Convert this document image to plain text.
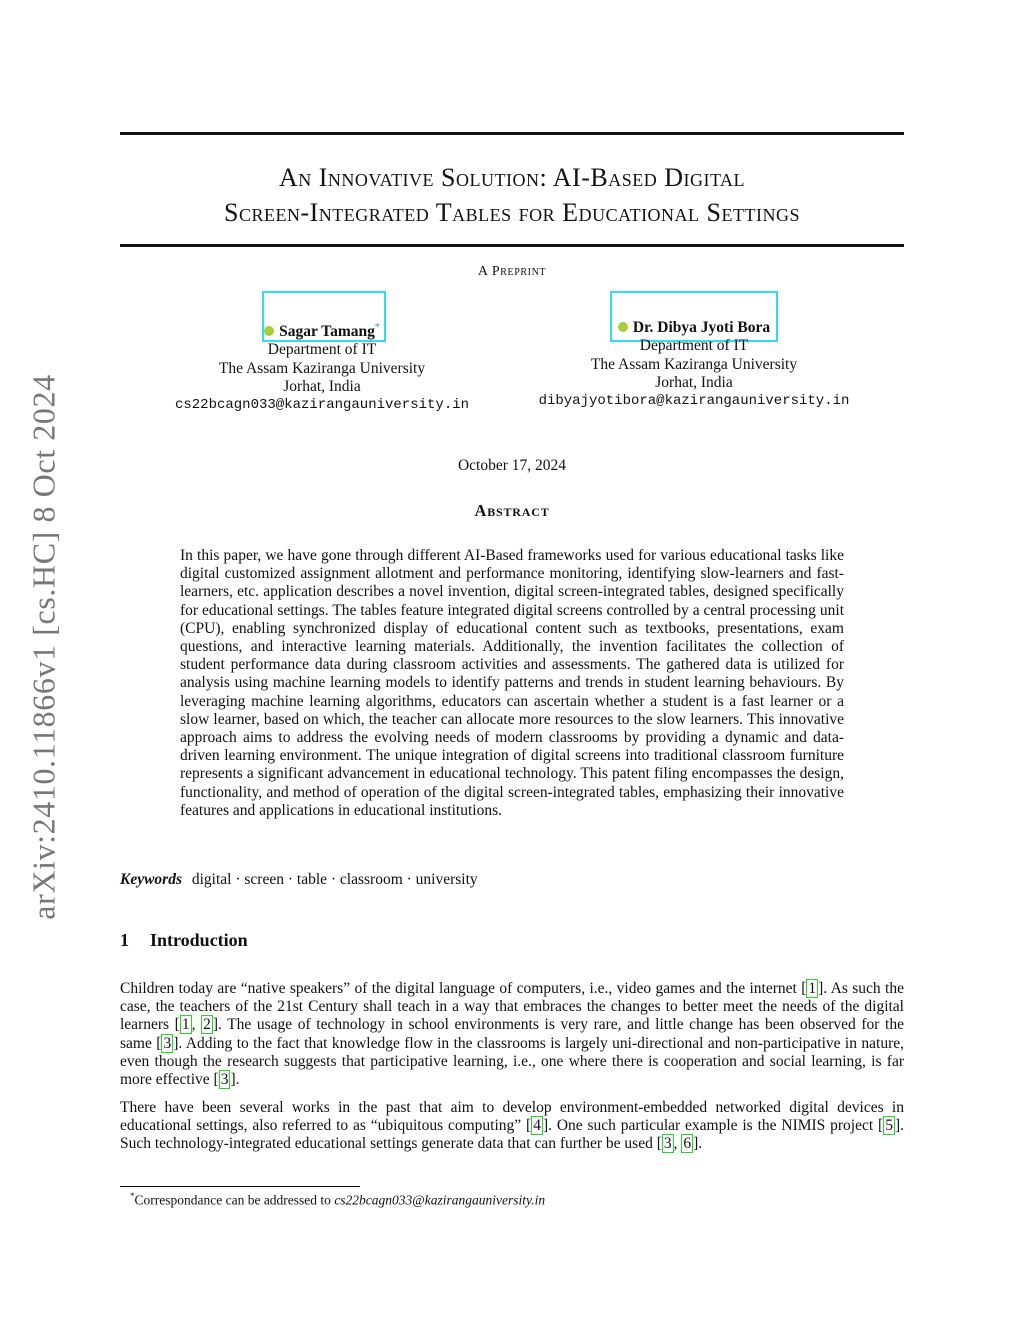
arXiv:2410.11866v1 [cs.HC] 8 Oct 2024
An Innovative Solution: AI-Based Digital
Screen-Integrated Tables for Educational Settings
A Preprint
Sagar Tamang*
Department of IT
The Assam Kaziranga University
Jorhat, India
cs22bcagn033@kazirangauniversity.in
Dr. Dibya Jyoti Bora
Department of IT
The Assam Kaziranga University
Jorhat, India
dibyajyotibora@kazirangauniversity.in
October 17, 2024
Abstract
In this paper, we have gone through different AI-Based frameworks used for various educational tasks like digital customized assignment allotment and performance monitoring, identifying slow-learners and fast-learners, etc. application describes a novel invention, digital screen-integrated tables, designed specifically for educational settings. The tables feature integrated digital screens controlled by a central processing unit (CPU), enabling synchronized display of educational content such as textbooks, presentations, exam questions, and interactive learning materials. Additionally, the invention facilitates the collection of student performance data during classroom activities and assessments. The gathered data is utilized for analysis using machine learning models to identify patterns and trends in student learning behaviours. By leveraging machine learning algorithms, educators can ascertain whether a student is a fast learner or a slow learner, based on which, the teacher can allocate more resources to the slow learners. This innovative approach aims to address the evolving needs of modern classrooms by providing a dynamic and data-driven learning environment. The unique integration of digital screens into traditional classroom furniture represents a significant advancement in educational technology. This patent filing encompasses the design, functionality, and method of operation of the digital screen-integrated tables, emphasizing their innovative features and applications in educational institutions.
Keywords digital · screen · table · classroom · university
1 Introduction
Children today are “native speakers” of the digital language of computers, i.e., video games and the internet [ 1 ]. As such the case, the teachers of the 21st Century shall teach in a way that embraces the changes to better meet the needs of the digital learners [ 1 , 2 ]. The usage of technology in school environments is very rare, and little change has been observed for the same [ 3 ]. Adding to the fact that knowledge flow in the classrooms is largely uni-directional and non-participative in nature, even though the research suggests that participative learning, i.e., one where there is cooperation and social learning, is far more effective [ 3 ].
There have been several works in the past that aim to develop environment-embedded networked digital devices in educational settings, also referred to as “ubiquitous computing” [ 4 ]. One such particular example is the NIMIS project [ 5 ]. Such technology-integrated educational settings generate data that can further be used [ 3 , 6 ].
*Correspondance can be addressed to cs22bcagn033@kazirangauniversity.in
